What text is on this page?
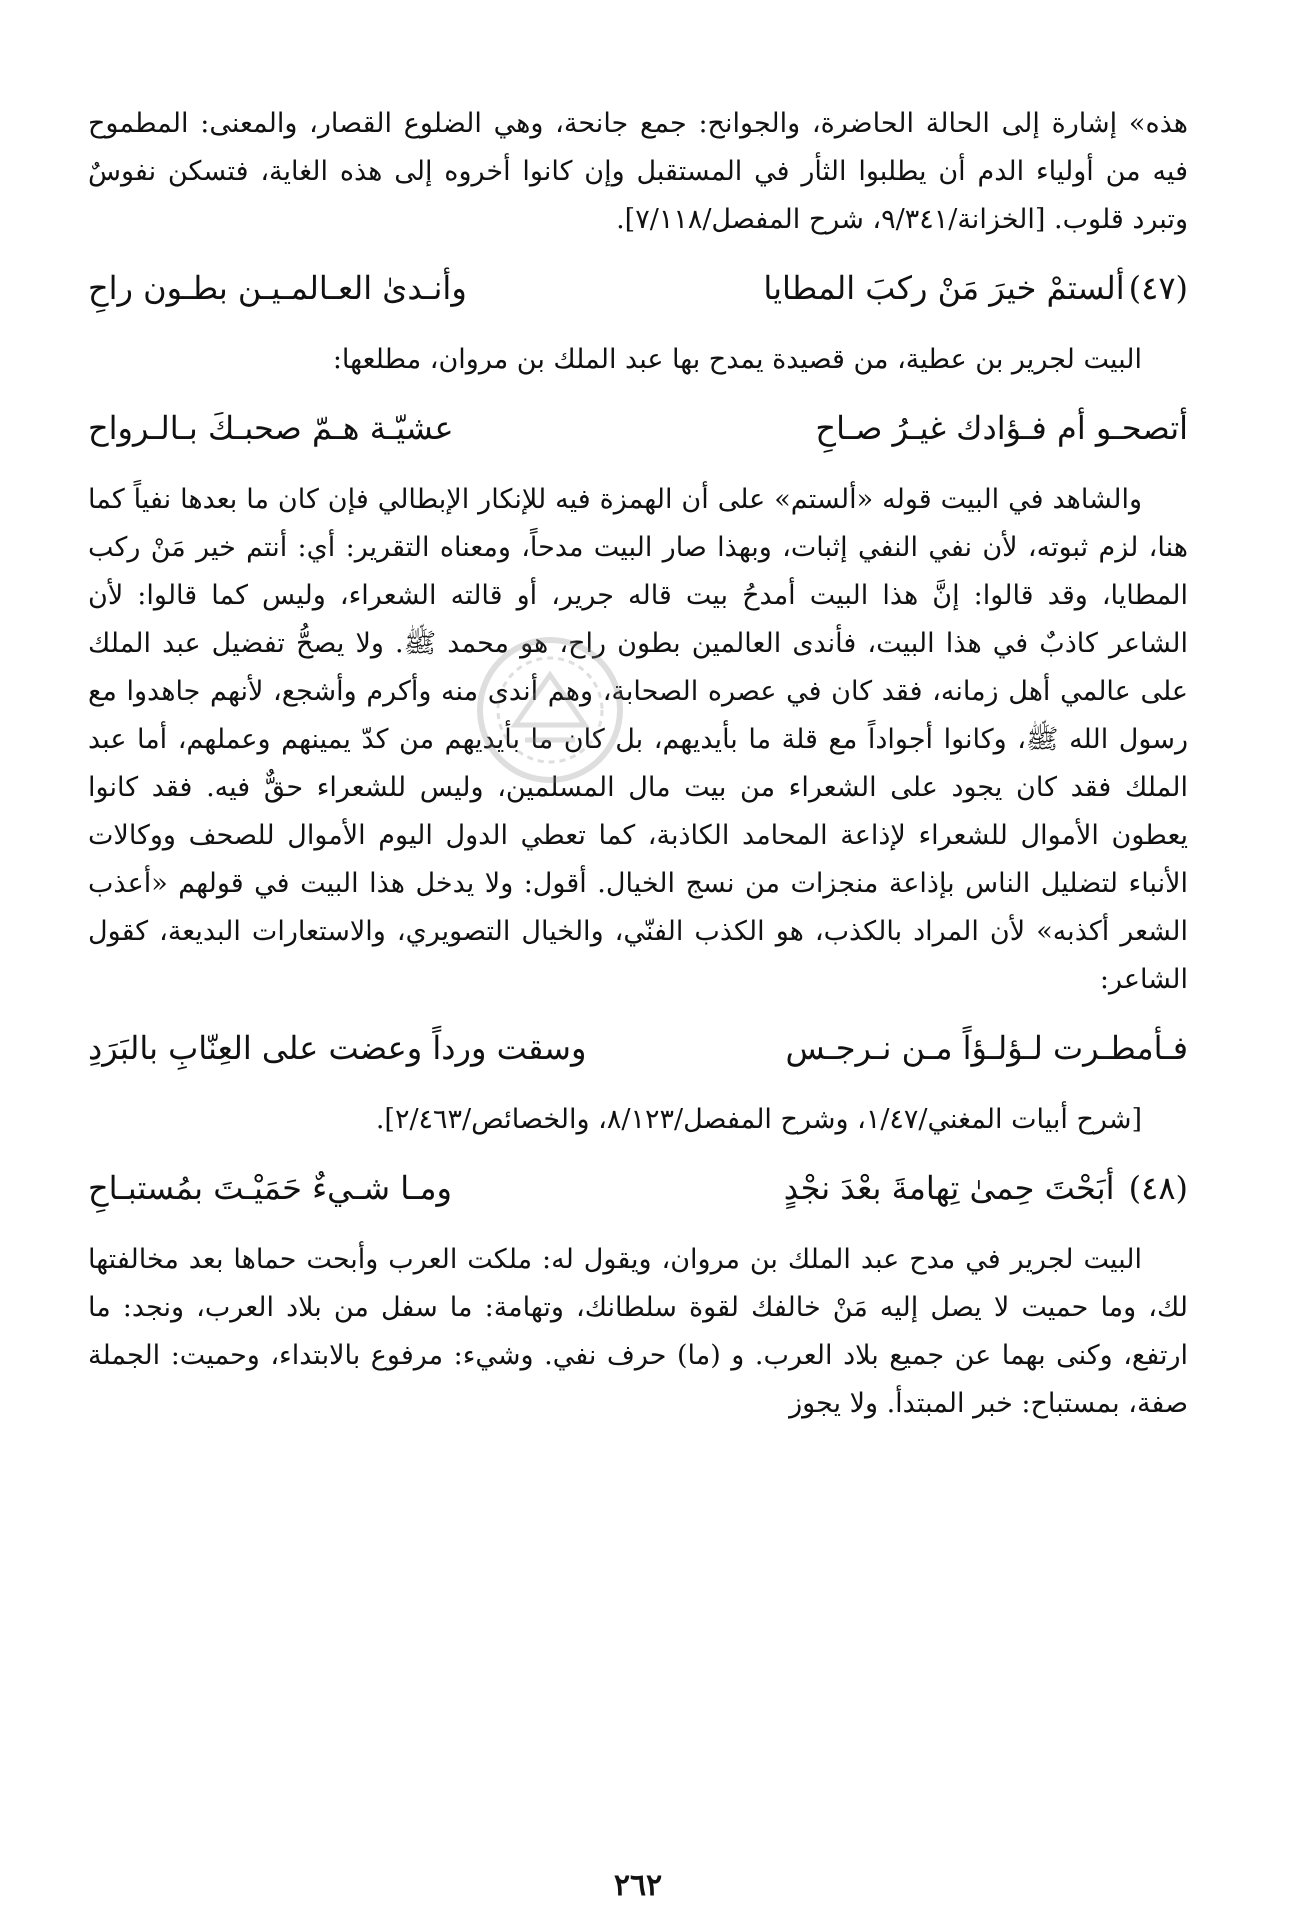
هذه» إشارة إلى الحالة الحاضرة، والجوانح: جمع جانحة، وهي الضلوع القصار، والمعنى: المطموح فيه من أولياء الدم أن يطلبوا الثأر في المستقبل وإن كانوا أخروه إلى هذه الغاية، فتسكن نفوسٌ وتبرد قلوب. [الخزانة/٩/٣٤١، شرح المفصل/٧/١١٨].

(٤٧)ألستمْ خيرَ مَنْ ركبَ المطايا
وأنـدىٰ العـالمـيـن بطـون راحِ

البيت لجرير بن عطية، من قصيدة يمدح بها عبد الملك بن مروان، مطلعها:

أتصحـو أم فـؤادك غيـرُ صـاحِ
عشيّـة هـمّ صحبـكَ بـالـرواح

والشاهد في البيت قوله «ألستم» على أن الهمزة فيه للإنكار الإبطالي فإن كان ما بعدها نفياً كما هنا، لزم ثبوته، لأن نفي النفي إثبات، وبهذا صار البيت مدحاً، ومعناه التقرير: أي: أنتم خير مَنْ ركب المطايا، وقد قالوا: إنَّ هذا البيت أمدحُ بيت قاله جرير، أو قالته الشعراء، وليس كما قالوا: لأن الشاعر كاذبٌ في هذا البيت، فأندى العالمين بطون راح، هو محمد ﷺ. ولا يصحُّ تفضيل عبد الملك على عالمي أهل زمانه، فقد كان في عصره الصحابة، وهم أندى منه وأكرم وأشجع، لأنهم جاهدوا مع رسول الله ﷺ، وكانوا أجواداً مع قلة ما بأيديهم، بل كان ما بأيديهم من كدّ يمينهم وعملهم، أما عبد الملك فقد كان يجود على الشعراء من بيت مال المسلمين، وليس للشعراء حقٌّ فيه. فقد كانوا يعطون الأموال للشعراء لإذاعة المحامد الكاذبة، كما تعطي الدول اليوم الأموال للصحف ووكالات الأنباء لتضليل الناس بإذاعة منجزات من نسج الخيال. أقول: ولا يدخل هذا البيت في قولهم «أعذب الشعر أكذبه» لأن المراد بالكذب، هو الكذب الفنّي، والخيال التصويري، والاستعارات البديعة، كقول الشاعر:

فـأمطـرت لـؤلـؤاً مـن نـرجـس
وسقت ورداً وعضت على العِنّابِ بالبَرَدِ

[شرح أبيات المغني/١/٤٧، وشرح المفصل/٨/١٢٣، والخصائص/٢/٤٦٣].

(٤٨) أبَحْتَ حِمىٰ تِهامةَ بعْدَ نجْدٍ
ومـا شـيءٌ حَمَيْـتَ بمُستبـاحِ

البيت لجرير في مدح عبد الملك بن مروان، ويقول له: ملكت العرب وأبحت حماها بعد مخالفتها لك، وما حميت لا يصل إليه مَنْ خالفك لقوة سلطانك، وتهامة: ما سفل من بلاد العرب، ونجد: ما ارتفع، وكنى بهما عن جميع بلاد العرب. و (ما) حرف نفي. وشيء: مرفوع بالابتداء، وحميت: الجملة صفة، بمستباح: خبر المبتدأ. ولا يجوز

٢٦٢
